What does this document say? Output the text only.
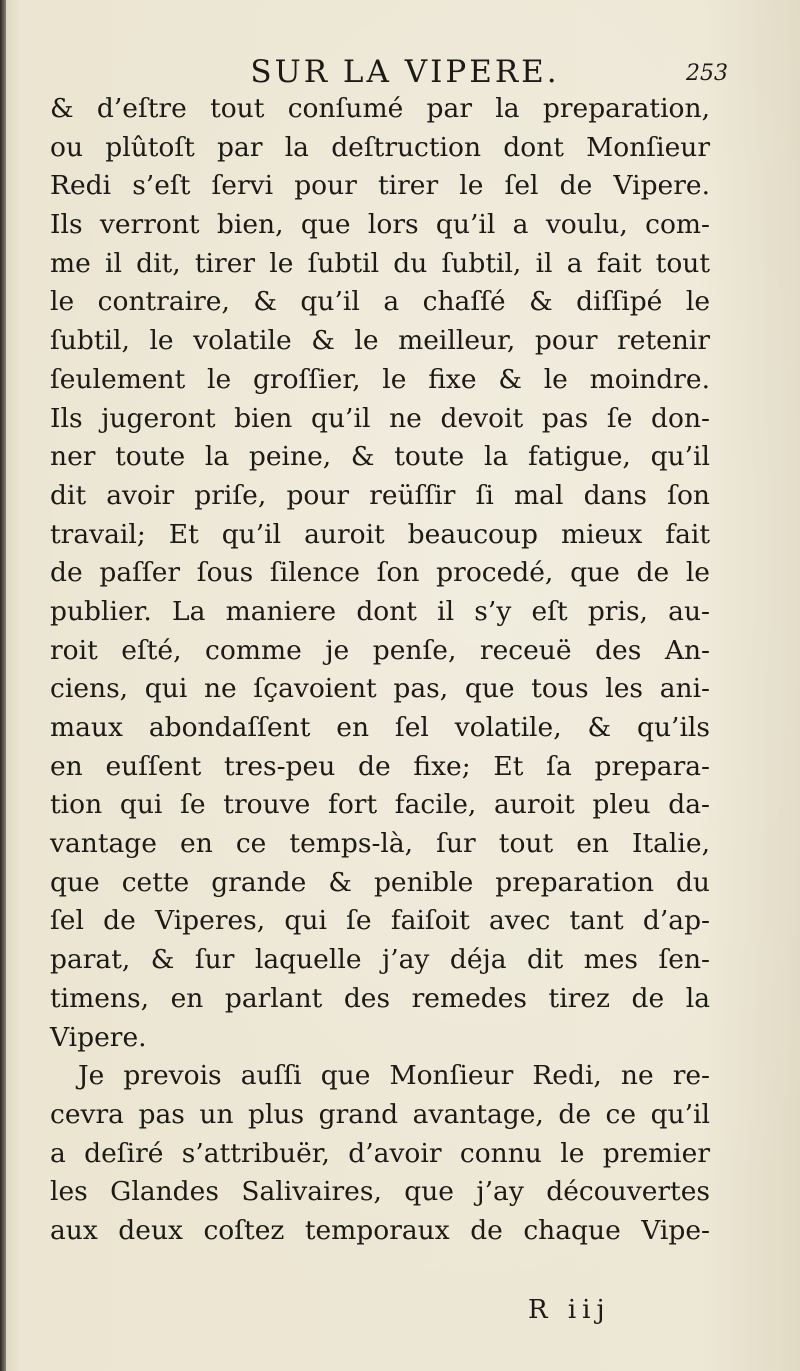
SUR LA VIPERE.	253
& d’eſtre tout conſumé par la preparation,
ou plûtoſt par la deſtruction dont Monſieur
Redi s’eſt ſervi pour tirer le ſel de Vipere.
Ils verront bien, que lors qu’il a voulu, com-
me il dit, tirer le ſubtil du ſubtil, il a fait tout
le contraire, & qu’il a chaſſé & diſſipé le
ſubtil, le volatile & le meilleur, pour retenir
ſeulement le groſſier, le fixe & le moindre.
Ils jugeront bien qu’il ne devoit pas ſe don-
ner toute la peine, & toute la fatigue, qu’il
dit avoir priſe, pour reüſſir ſi mal dans ſon
travail; Et qu’il auroit beaucoup mieux fait
de paſſer ſous ſilence ſon procedé, que de le
publier. La maniere dont il s’y eſt pris, au-
roit eſté, comme je penſe, receuë des An-
ciens, qui ne ſçavoient pas, que tous les ani-
maux abondaſſent en ſel volatile, & qu’ils
en euſſent tres-peu de fixe; Et ſa prepara-
tion qui ſe trouve fort facile, auroit pleu da-
vantage en ce temps-là, ſur tout en Italie,
que cette grande & penible preparation du
ſel de Viperes, qui ſe faiſoit avec tant d’ap-
parat, & ſur laquelle j’ay déja dit mes ſen-
timens, en parlant des remedes tirez de la
Vipere.
Je prevois auſſi que Monſieur Redi, ne re-
cevra pas un plus grand avantage, de ce qu’il
a deſiré s’attribuër, d’avoir connu le premier
les Glandes Salivaires, que j’ay découvertes
aux deux coſtez temporaux de chaque Vipe-
R iij
